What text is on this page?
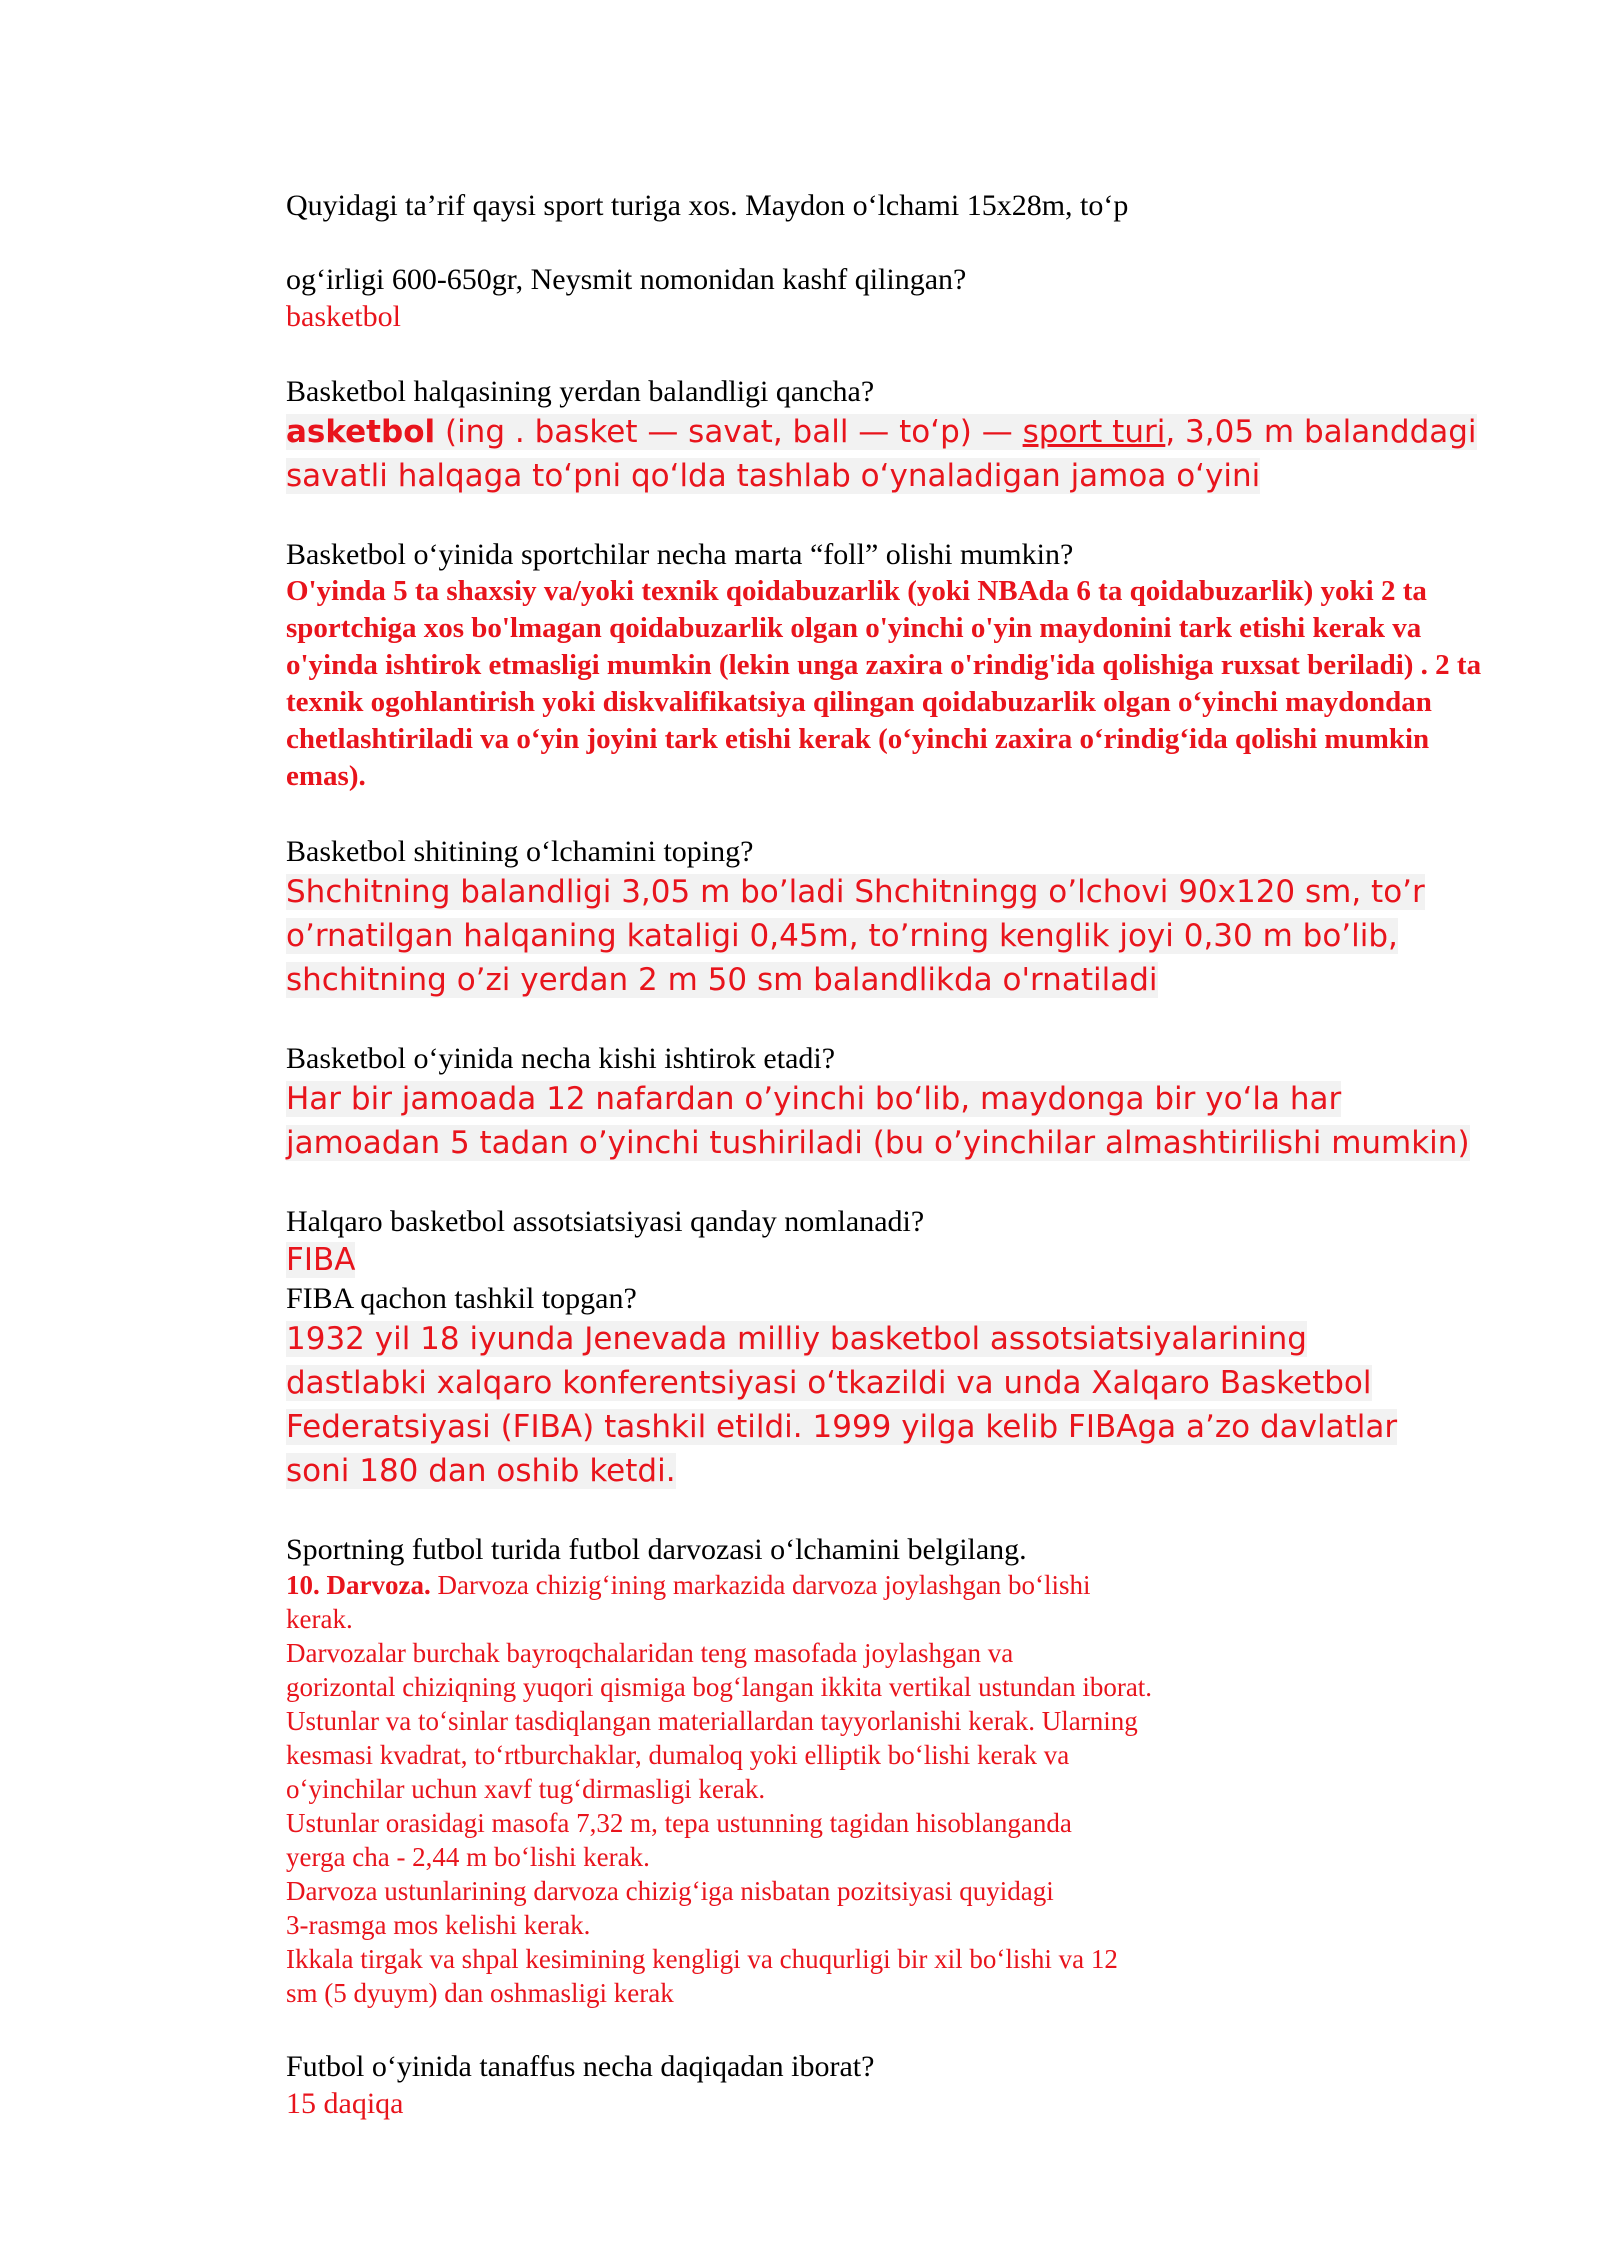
Quyidagi ta’rif qaysi sport turiga xos. Maydon o‘lchami 15x28m, to‘p

og‘irligi 600-650gr, Neysmit nomonidan kashf qilingan?

basketbol

Basketbol halqasining yerdan balandligi qancha?

asketbol (ing . basket — savat, ball — to‘p) — sport turi, 3,05 m balanddagi savatli halqaga to‘pni qo‘lda tashlab o‘ynaladigan jamoa o‘yini

Basketbol o‘yinida sportchilar necha marta “foll” olishi mumkin?

O'yinda 5 ta shaxsiy va/yoki texnik qoidabuzarlik (yoki NBAda 6 ta qoidabuzarlik) yoki 2 ta sportchiga xos bo'lmagan qoidabuzarlik olgan o'yinchi o'yin maydonini tark etishi kerak va o'yinda ishtirok etmasligi mumkin (lekin unga zaxira o'rindig'ida qolishiga ruxsat beriladi) . 2 ta texnik ogohlantirish yoki diskvalifikatsiya qilingan qoidabuzarlik olgan o‘yinchi maydondan chetlashtiriladi va o‘yin joyini tark etishi kerak (o‘yinchi zaxira o‘rindig‘ida qolishi mumkin emas).

Basketbol shitining o‘lchamini toping?

Shchitning balandligi 3,05 m bo’ladi Shchitningg o’lchovi 90x120 sm, to’r o’rnatilgan halqaning kataligi 0,45m, to’rning kenglik joyi 0,30 m bo’lib, shchitning o’zi yerdan 2 m 50 sm balandlikda o'rnatiladi

Basketbol o‘yinida necha kishi ishtirok etadi?

Har bir jamoada 12 nafardan o’yinchi bo‘lib, maydonga bir yo‘la har jamoadan 5 tadan o’yinchi tushiriladi (bu o’yinchilar almashtirilishi mumkin)

Halqaro basketbol assotsiatsiyasi qanday nomlanadi?

FIBA

FIBA qachon tashkil topgan?

1932 yil 18 iyunda Jenevada milliy basketbol assotsiatsiyalarining dastlabki xalqaro konferentsiyasi o‘tkazildi va unda Xalqaro Basketbol Federatsiyasi (FIBA) tashkil etildi. 1999 yilga kelib FIBAga a’zo davlatlar soni 180 dan oshib ketdi.

Sportning futbol turida futbol darvozasi o‘lchamini belgilang.

10. Darvoza. Darvoza chizig‘ining markazida darvoza joylashgan bo‘lishi
kerak.
Darvozalar burchak bayroqchalaridan teng masofada joylashgan va
gorizontal chiziqning yuqori qismiga bog‘langan ikkita vertikal ustundan iborat.
Ustunlar va to‘sinlar tasdiqlangan materiallardan tayyorlanishi kerak. Ularning
kesmasi kvadrat, to‘rtburchaklar, dumaloq yoki elliptik bo‘lishi kerak va
o‘yinchilar uchun xavf tug‘dirmasligi kerak.
Ustunlar orasidagi masofa 7,32 m, tepa ustunning tagidan hisoblanganda
yerga cha - 2,44 m bo‘lishi kerak.
Darvoza ustunlarining darvoza chizig‘iga nisbatan pozitsiyasi quyidagi
3-rasmga mos kelishi kerak.
Ikkala tirgak va shpal kesimining kengligi va chuqurligi bir xil bo‘lishi va 12
sm (5 dyuym) dan oshmasligi kerak

Futbol o‘yinida tanaffus necha daqiqadan iborat?

15 daqiqa
